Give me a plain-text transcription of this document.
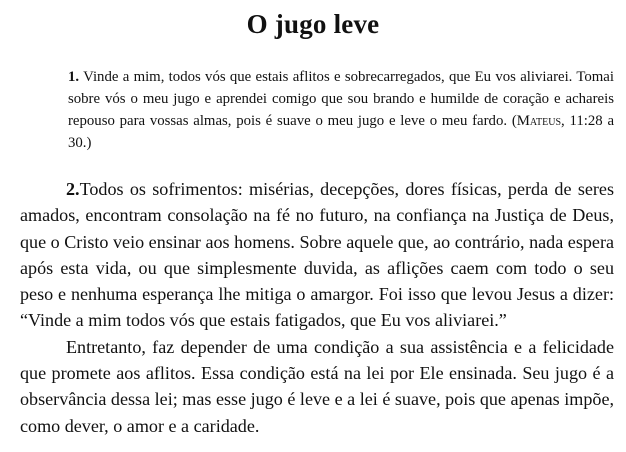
O jugo leve
1. Vinde a mim, todos vós que estais aflitos e sobrecarregados, que Eu vos aliviarei. Tomai sobre vós o meu jugo e aprendei comigo que sou brando e humilde de coração e achareis repouso para vossas almas, pois é suave o meu jugo e leve o meu fardo. (Mateus, 11:28 a 30.)

2.Todos os sofrimentos: misérias, decepções, dores físicas, perda de seres amados, encontram consolação na fé no futuro, na confiança na Justiça de Deus, que o Cristo veio ensinar aos homens. Sobre aquele que, ao contrário, nada espera após esta vida, ou que simplesmente duvida, as aflições caem com todo o seu peso e nenhuma esperança lhe mitiga o amargor. Foi isso que levou Jesus a dizer: “Vinde a mim todos vós que estais fatigados, que Eu vos aliviarei.”

Entretanto, faz depender de uma condição a sua assistência e a felicidade que promete aos aflitos. Essa condição está na lei por Ele ensinada. Seu jugo é a observância dessa lei; mas esse jugo é leve e a lei é suave, pois que apenas impõe, como dever, o amor e a caridade.
